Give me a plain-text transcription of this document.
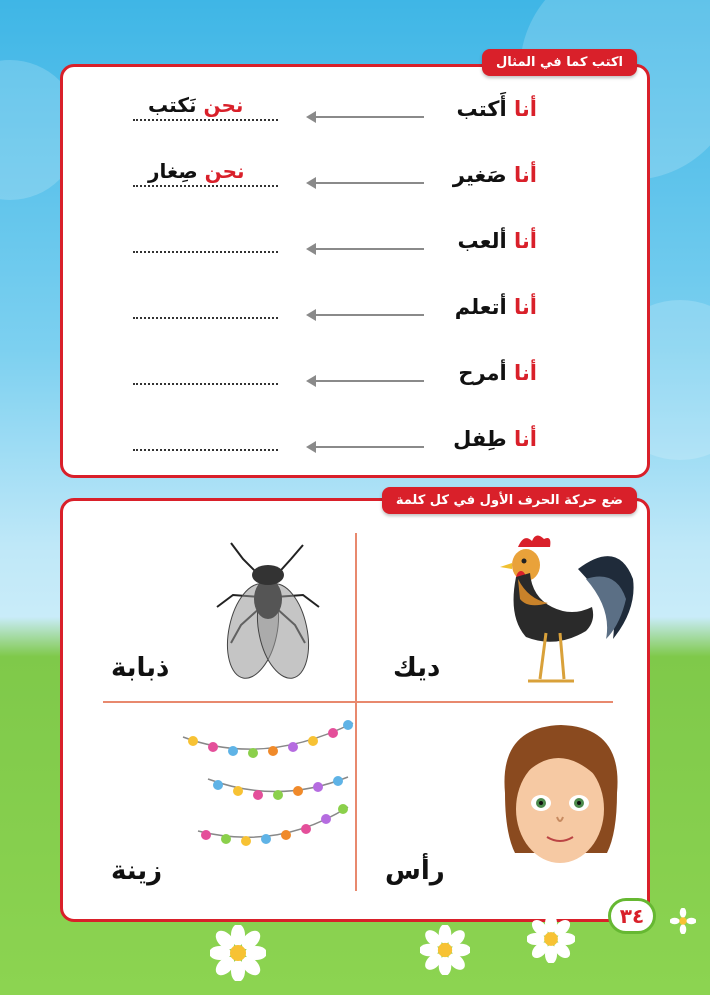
اكتب كما في المثال
أنا أَكتب
نحن نَكتب
أنا صَغير
نحن صِغار
أنا ألعب
أنا أتعلم
أنا أمرح
أنا طِفل
ضع حركة الحرف الأول في كل كلمة
ديك
ذبابة
رأس
زينة
٣٤
